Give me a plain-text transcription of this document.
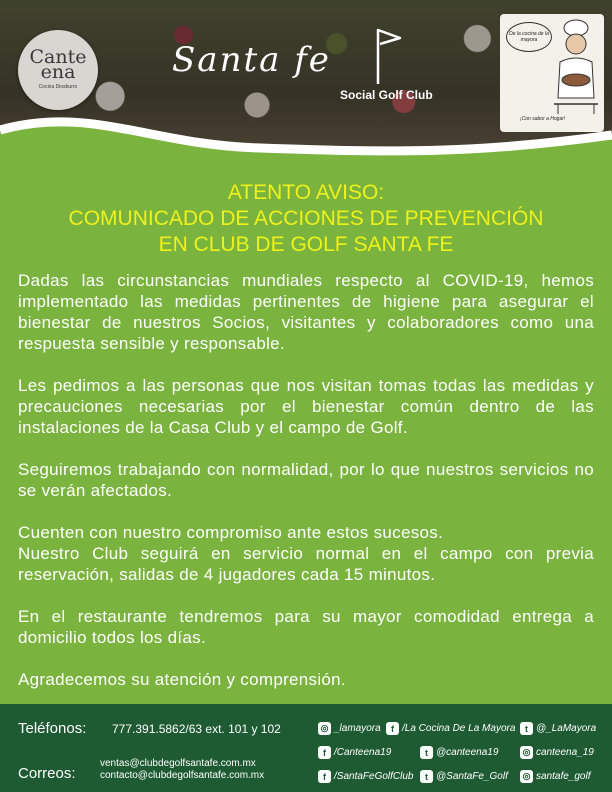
Canteena
Cocina Diosburro
Santa fe
Social Golf Club
De la cocina de la mayora
¡Con sabor a Hogar!
ATENTO AVISO:
COMUNICADO DE ACCIONES DE PREVENCIÓN
EN CLUB DE GOLF SANTA FE

Dadas las circunstancias mundiales respecto al COVID-19, hemos implementado las medidas pertinentes de higiene para asegurar el bienestar de nuestros Socios, visitantes y colaboradores como una respuesta sensible y responsable.

Les pedimos a las personas que nos visitan tomas todas las medidas y precauciones necesarias por el bienestar común dentro de las instalaciones de la Casa Club y el campo de Golf.

Seguiremos trabajando con normalidad, por lo que nuestros servicios no se verán afectados.

Cuenten con nuestro compromiso ante estos sucesos.

Nuestro Club seguirá en servicio normal en el campo con previa reservación, salidas de 4 jugadores cada 15 minutos.

En el restaurante tendremos para su mayor comodidad entrega a domicilio todos los días.

Agradecemos su atención y comprensión.

Teléfonos: 777.391.5862/63 ext. 101 y 102
Correos:
ventas@clubdegolfsantafe.com.mx
contacto@clubdegolfsantafe.com.mx
◎ _lamayora	f /La Cocina De La Mayora	t @_LaMayora
f /Canteena19	t @canteena19	◎ canteena_19
f /SantaFeGolfClub	t @SantaFe_Golf ◎ santafe_golf
